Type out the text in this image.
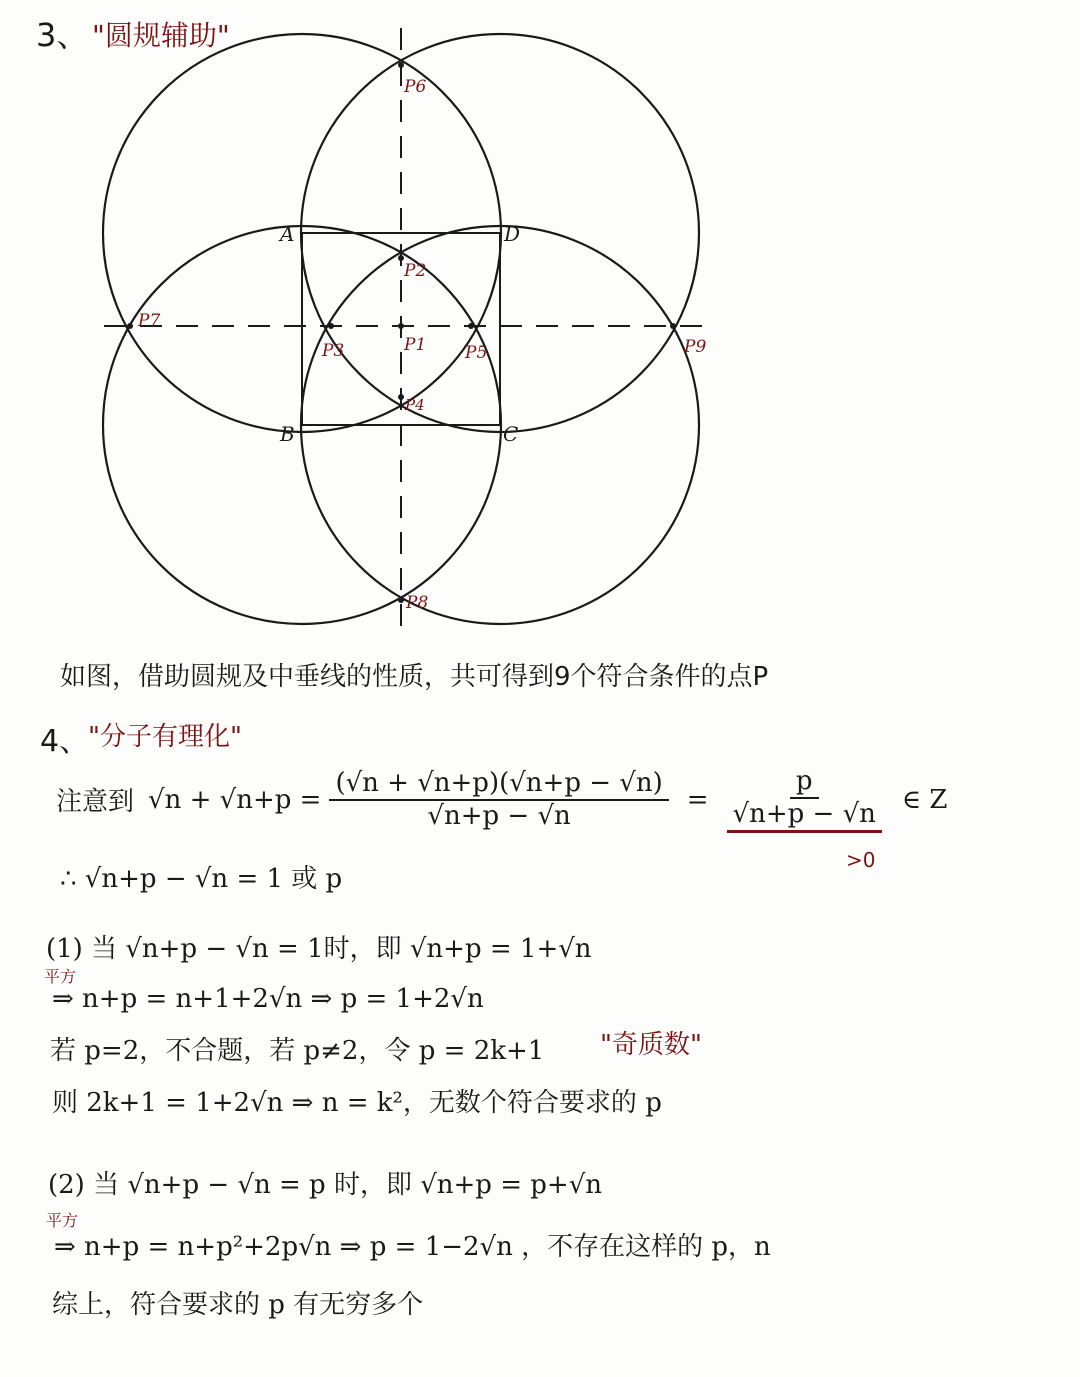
3、 "圆规辅助"
A
B	C
D
P1
P2
P3
P4
P5
P6
P7
P8
P9
如图，借助圆规及中垂线的性质，共可得到9个符合条件的点P
4、
"分子有理化"
注意到 $√n + √n+p = \frac{(√n + √n+p)(√n+p - √n)}{√n+p - √n} = \frac{p}{√n+p - √n}$ ∈ Z
>0
∴ √n+p − √n = 1 或 p
(1) 当 √n+p − √n = 1时，即 √n+p = 1+√n
平方
⇒ n+p = n+1+2√n ⇒ p = 1+2√n
若 p=2，不合题，若 p≠2，令 p = 2k+1 "奇质数"
则 2k+1 = 1+2√n ⇒ n = k²，无数个符合要求的 p
(2) 当 √n+p − √n = p 时，即 √n+p = p+√n
平方
⇒ n+p = n+p²+2p√n ⇒ p = 1−2√n ，不存在这样的 p，n
综上，符合要求的 p 有无穷多个
